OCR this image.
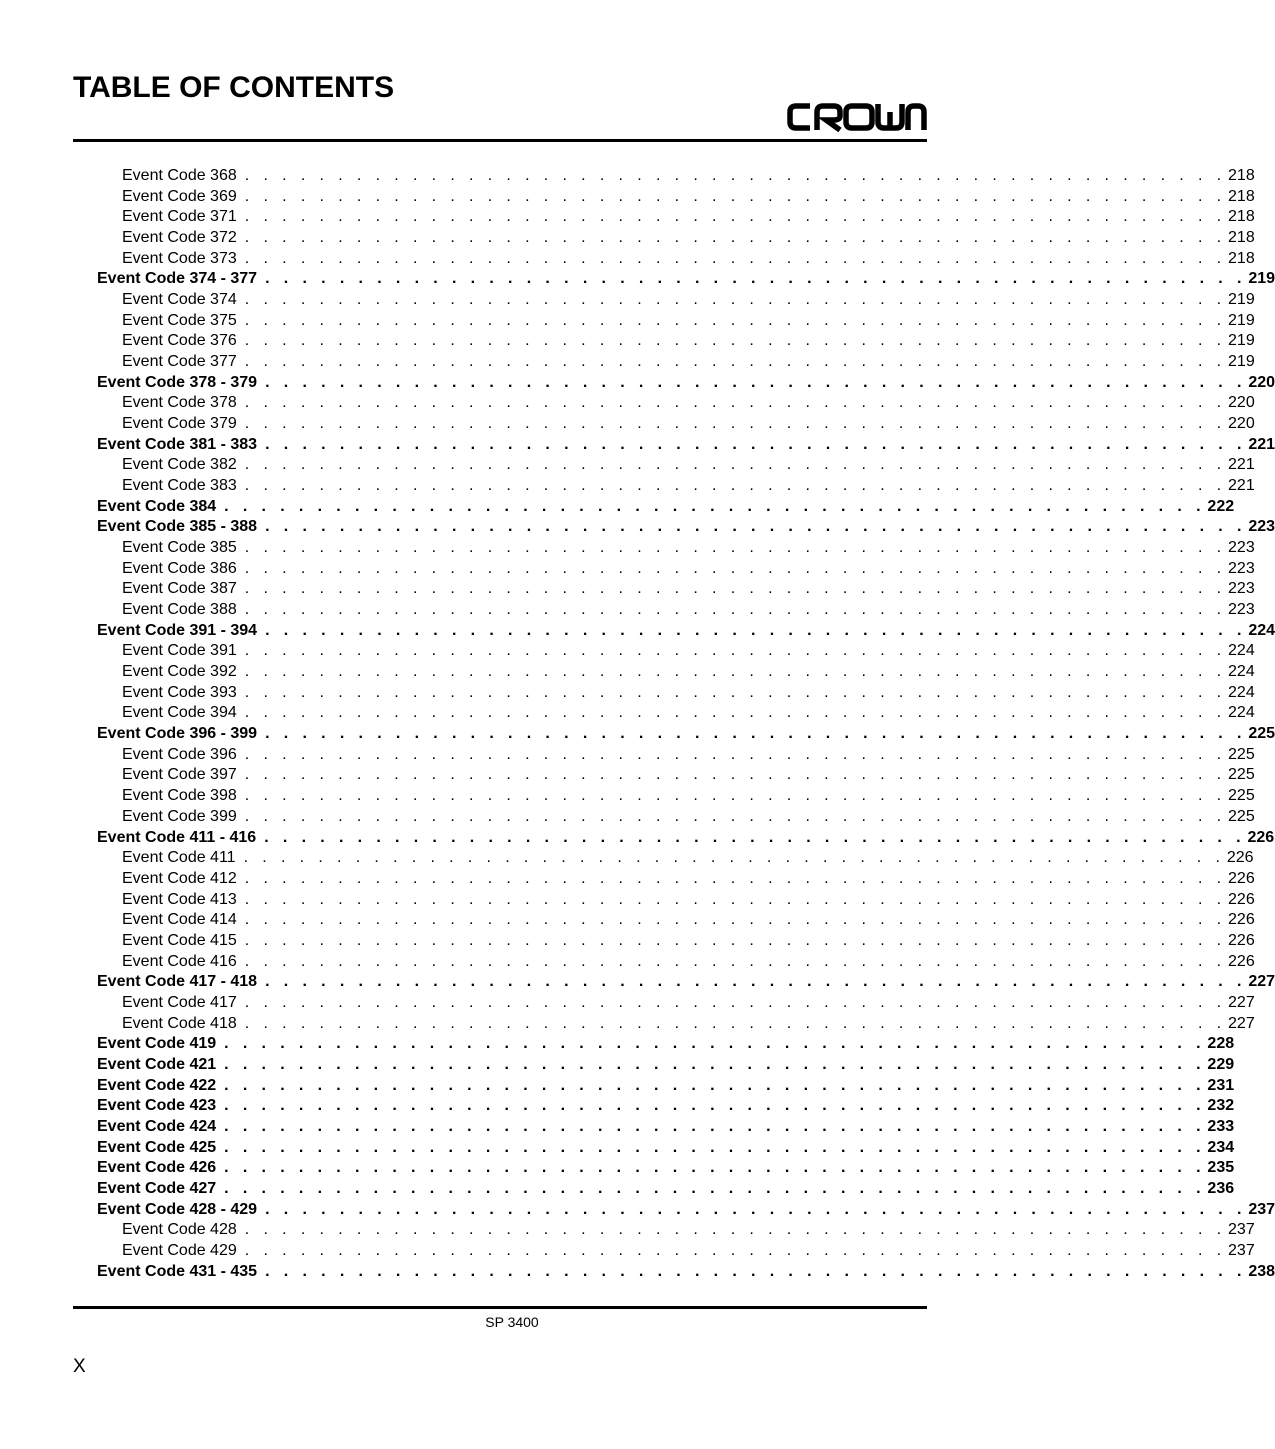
TABLE OF CONTENTS
Event Code 368 . . . . . . . . . . . . . . . . . . . . . . . . . . . . . . . . . . . . . . . . . . . . . . . . . . . . . 218
Event Code 369 . . . . . . . . . . . . . . . . . . . . . . . . . . . . . . . . . . . . . . . . . . . . . . . . . . . . . 218
Event Code 371 . . . . . . . . . . . . . . . . . . . . . . . . . . . . . . . . . . . . . . . . . . . . . . . . . . . . . 218
Event Code 372 . . . . . . . . . . . . . . . . . . . . . . . . . . . . . . . . . . . . . . . . . . . . . . . . . . . . . 218
Event Code 373 . . . . . . . . . . . . . . . . . . . . . . . . . . . . . . . . . . . . . . . . . . . . . . . . . . . . . 218
Event Code 374 - 377 . . . . . . . . . . . . . . . . . . . . . . . . . . . . . . . . . . . . . . . . . . . . . . . . . . . . . 219
Event Code 374 . . . . . . . . . . . . . . . . . . . . . . . . . . . . . . . . . . . . . . . . . . . . . . . . . . . . . 219
Event Code 375 . . . . . . . . . . . . . . . . . . . . . . . . . . . . . . . . . . . . . . . . . . . . . . . . . . . . . 219
Event Code 376 . . . . . . . . . . . . . . . . . . . . . . . . . . . . . . . . . . . . . . . . . . . . . . . . . . . . . 219
Event Code 377 . . . . . . . . . . . . . . . . . . . . . . . . . . . . . . . . . . . . . . . . . . . . . . . . . . . . . 219
Event Code 378 - 379 . . . . . . . . . . . . . . . . . . . . . . . . . . . . . . . . . . . . . . . . . . . . . . . . . . . . . 220
Event Code 378 . . . . . . . . . . . . . . . . . . . . . . . . . . . . . . . . . . . . . . . . . . . . . . . . . . . . . 220
Event Code 379 . . . . . . . . . . . . . . . . . . . . . . . . . . . . . . . . . . . . . . . . . . . . . . . . . . . . . 220
Event Code 381 - 383 . . . . . . . . . . . . . . . . . . . . . . . . . . . . . . . . . . . . . . . . . . . . . . . . . . . . . 221
Event Code 382 . . . . . . . . . . . . . . . . . . . . . . . . . . . . . . . . . . . . . . . . . . . . . . . . . . . . . 221
Event Code 383 . . . . . . . . . . . . . . . . . . . . . . . . . . . . . . . . . . . . . . . . . . . . . . . . . . . . . 221
Event Code 384 . . . . . . . . . . . . . . . . . . . . . . . . . . . . . . . . . . . . . . . . . . . . . . . . . . . . . 222
Event Code 385 - 388 . . . . . . . . . . . . . . . . . . . . . . . . . . . . . . . . . . . . . . . . . . . . . . . . . . . . . 223
Event Code 385 . . . . . . . . . . . . . . . . . . . . . . . . . . . . . . . . . . . . . . . . . . . . . . . . . . . . . 223
Event Code 386 . . . . . . . . . . . . . . . . . . . . . . . . . . . . . . . . . . . . . . . . . . . . . . . . . . . . . 223
Event Code 387 . . . . . . . . . . . . . . . . . . . . . . . . . . . . . . . . . . . . . . . . . . . . . . . . . . . . . 223
Event Code 388 . . . . . . . . . . . . . . . . . . . . . . . . . . . . . . . . . . . . . . . . . . . . . . . . . . . . . 223
Event Code 391 - 394 . . . . . . . . . . . . . . . . . . . . . . . . . . . . . . . . . . . . . . . . . . . . . . . . . . . . . 224
Event Code 391 . . . . . . . . . . . . . . . . . . . . . . . . . . . . . . . . . . . . . . . . . . . . . . . . . . . . . 224
Event Code 392 . . . . . . . . . . . . . . . . . . . . . . . . . . . . . . . . . . . . . . . . . . . . . . . . . . . . . 224
Event Code 393 . . . . . . . . . . . . . . . . . . . . . . . . . . . . . . . . . . . . . . . . . . . . . . . . . . . . . 224
Event Code 394 . . . . . . . . . . . . . . . . . . . . . . . . . . . . . . . . . . . . . . . . . . . . . . . . . . . . . 224
Event Code 396 - 399 . . . . . . . . . . . . . . . . . . . . . . . . . . . . . . . . . . . . . . . . . . . . . . . . . . . . . 225
Event Code 396 . . . . . . . . . . . . . . . . . . . . . . . . . . . . . . . . . . . . . . . . . . . . . . . . . . . . . 225
Event Code 397 . . . . . . . . . . . . . . . . . . . . . . . . . . . . . . . . . . . . . . . . . . . . . . . . . . . . . 225
Event Code 398 . . . . . . . . . . . . . . . . . . . . . . . . . . . . . . . . . . . . . . . . . . . . . . . . . . . . . 225
Event Code 399 . . . . . . . . . . . . . . . . . . . . . . . . . . . . . . . . . . . . . . . . . . . . . . . . . . . . . 225
Event Code 411 - 416 . . . . . . . . . . . . . . . . . . . . . . . . . . . . . . . . . . . . . . . . . . . . . . . . . . . . . 226
Event Code 411 . . . . . . . . . . . . . . . . . . . . . . . . . . . . . . . . . . . . . . . . . . . . . . . . . . . . . 226
Event Code 412 . . . . . . . . . . . . . . . . . . . . . . . . . . . . . . . . . . . . . . . . . . . . . . . . . . . . . 226
Event Code 413 . . . . . . . . . . . . . . . . . . . . . . . . . . . . . . . . . . . . . . . . . . . . . . . . . . . . . 226
Event Code 414 . . . . . . . . . . . . . . . . . . . . . . . . . . . . . . . . . . . . . . . . . . . . . . . . . . . . . 226
Event Code 415 . . . . . . . . . . . . . . . . . . . . . . . . . . . . . . . . . . . . . . . . . . . . . . . . . . . . . 226
Event Code 416 . . . . . . . . . . . . . . . . . . . . . . . . . . . . . . . . . . . . . . . . . . . . . . . . . . . . . 226
Event Code 417 - 418 . . . . . . . . . . . . . . . . . . . . . . . . . . . . . . . . . . . . . . . . . . . . . . . . . . . . . 227
Event Code 417 . . . . . . . . . . . . . . . . . . . . . . . . . . . . . . . . . . . . . . . . . . . . . . . . . . . . . 227
Event Code 418 . . . . . . . . . . . . . . . . . . . . . . . . . . . . . . . . . . . . . . . . . . . . . . . . . . . . . 227
Event Code 419 . . . . . . . . . . . . . . . . . . . . . . . . . . . . . . . . . . . . . . . . . . . . . . . . . . . . . 228
Event Code 421 . . . . . . . . . . . . . . . . . . . . . . . . . . . . . . . . . . . . . . . . . . . . . . . . . . . . . 229
Event Code 422 . . . . . . . . . . . . . . . . . . . . . . . . . . . . . . . . . . . . . . . . . . . . . . . . . . . . . 231
Event Code 423 . . . . . . . . . . . . . . . . . . . . . . . . . . . . . . . . . . . . . . . . . . . . . . . . . . . . . 232
Event Code 424 . . . . . . . . . . . . . . . . . . . . . . . . . . . . . . . . . . . . . . . . . . . . . . . . . . . . . 233
Event Code 425 . . . . . . . . . . . . . . . . . . . . . . . . . . . . . . . . . . . . . . . . . . . . . . . . . . . . . 234
Event Code 426 . . . . . . . . . . . . . . . . . . . . . . . . . . . . . . . . . . . . . . . . . . . . . . . . . . . . . 235
Event Code 427 . . . . . . . . . . . . . . . . . . . . . . . . . . . . . . . . . . . . . . . . . . . . . . . . . . . . . 236
Event Code 428 - 429 . . . . . . . . . . . . . . . . . . . . . . . . . . . . . . . . . . . . . . . . . . . . . . . . . . . . . 237
Event Code 428 . . . . . . . . . . . . . . . . . . . . . . . . . . . . . . . . . . . . . . . . . . . . . . . . . . . . . 237
Event Code 429 . . . . . . . . . . . . . . . . . . . . . . . . . . . . . . . . . . . . . . . . . . . . . . . . . . . . . 237
Event Code 431 - 435 . . . . . . . . . . . . . . . . . . . . . . . . . . . . . . . . . . . . . . . . . . . . . . . . . . . . . 238
SP 3400
X
